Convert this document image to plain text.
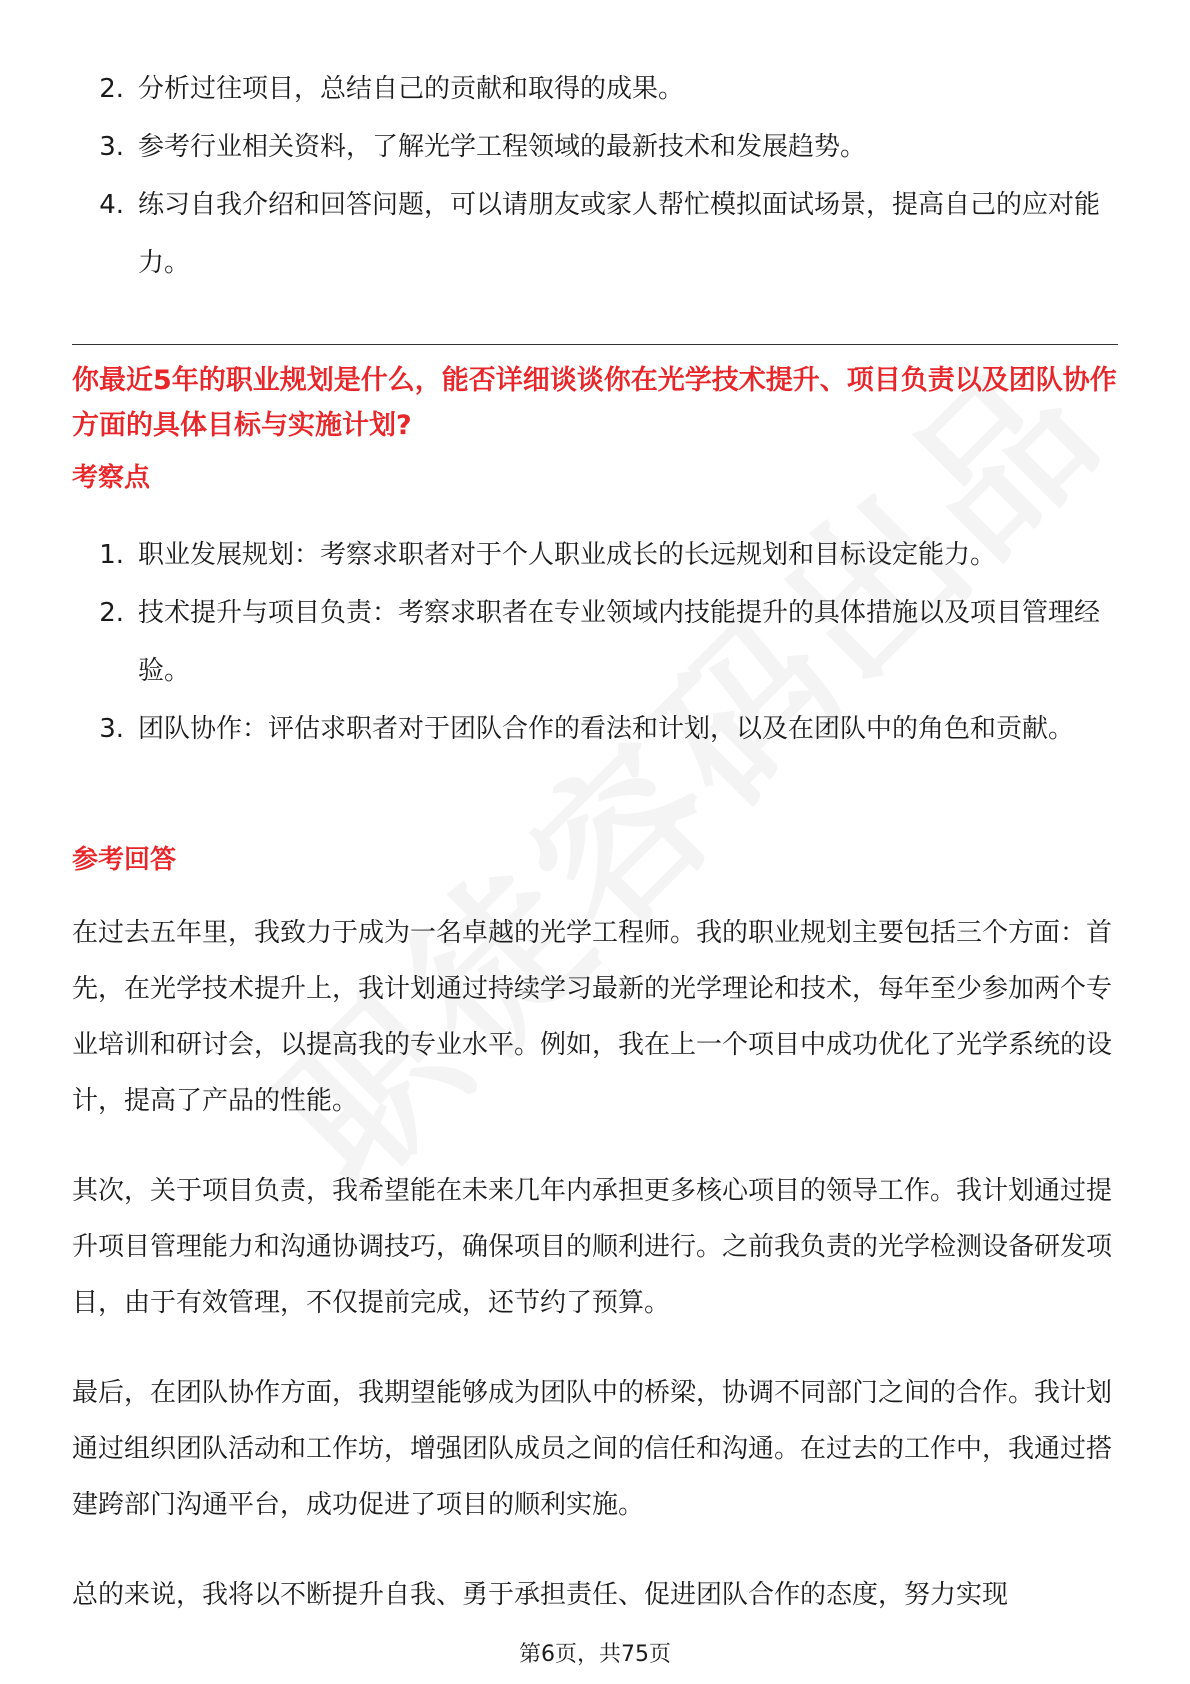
2. 分析过往项目，总结自己的贡献和取得的成果。
3. 参考行业相关资料，了解光学工程领域的最新技术和发展趋势。
4. 练习自我介绍和回答问题，可以请朋友或家人帮忙模拟面试场景，提高自己的应对能力。
你最近5年的职业规划是什么，能否详细谈谈你在光学技术提升、项目负责以及团队协作方面的具体目标与实施计划?
考察点
1. 职业发展规划：考察求职者对于个人职业成长的长远规划和目标设定能力。
2. 技术提升与项目负责：考察求职者在专业领域内技能提升的具体措施以及项目管理经验。
3. 团队协作：评估求职者对于团队合作的看法和计划，以及在团队中的角色和贡献。
参考回答

在过去五年里，我致力于成为一名卓越的光学工程师。我的职业规划主要包括三个方面：首先，在光学技术提升上，我计划通过持续学习最新的光学理论和技术，每年至少参加两个专业培训和研讨会，以提高我的专业水平。例如，我在上一个项目中成功优化了光学系统的设计，提高了产品的性能。

其次，关于项目负责，我希望能在未来几年内承担更多核心项目的领导工作。我计划通过提升项目管理能力和沟通协调技巧，确保项目的顺利进行。之前我负责的光学检测设备研发项目，由于有效管理，不仅提前完成，还节约了预算。

最后，在团队协作方面，我期望能够成为团队中的桥梁，协调不同部门之间的合作。我计划通过组织团队活动和工作坊，增强团队成员之间的信任和沟通。在过去的工作中，我通过搭建跨部门沟通平台，成功促进了项目的顺利实施。

总的来说，我将以不断提升自我、勇于承担责任、促进团队合作的态度，努力实现

第6页，共75页
